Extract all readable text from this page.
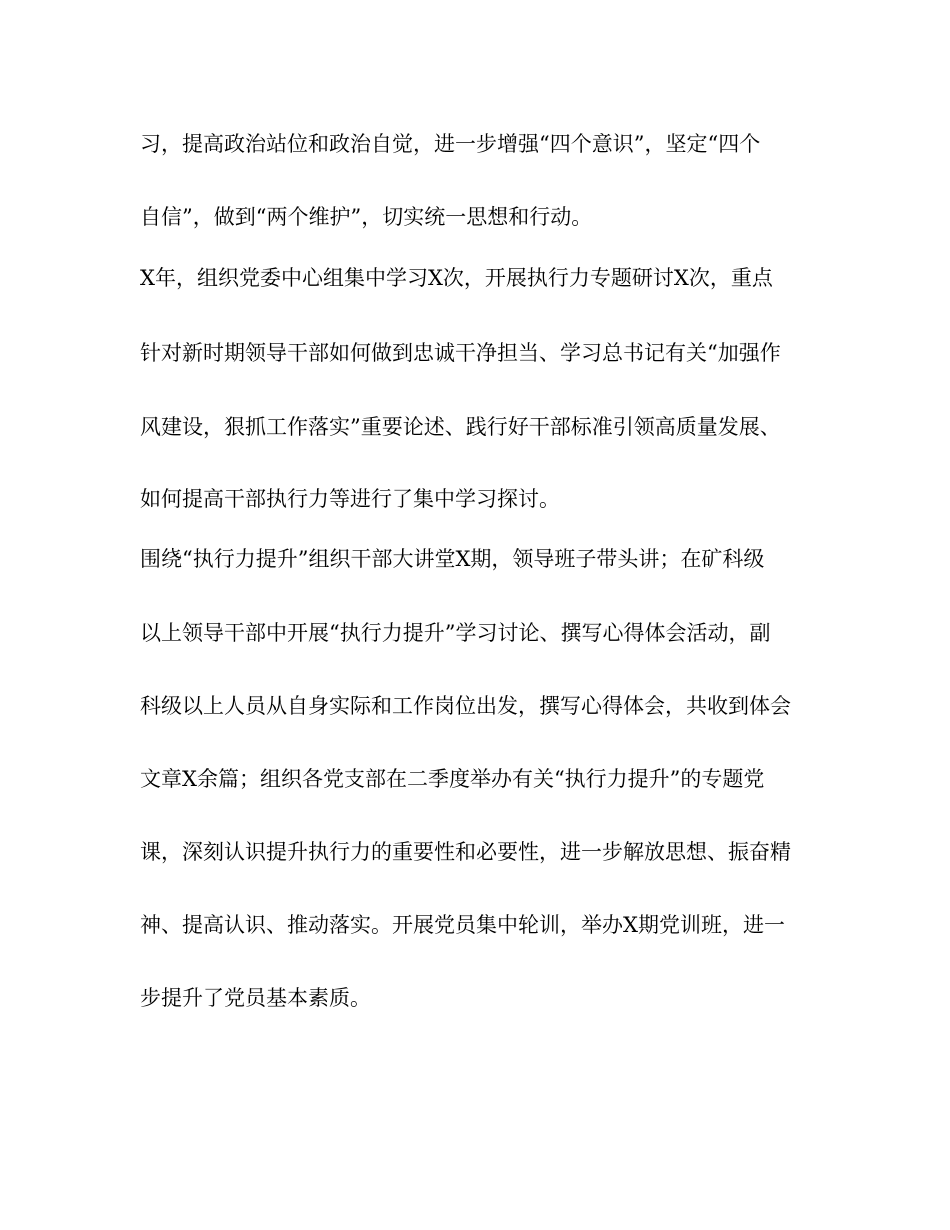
习，提高政治站位和政治自觉，进一步增强“四个意识”，坚定“四个
自信”，做到“两个维护”，切实统一思想和行动。
X年，组织党委中心组集中学习X次，开展执行力专题研讨X次，重点
针对新时期领导干部如何做到忠诚干净担当、学习总书记有关“加强作
风建设，狠抓工作落实”重要论述、践行好干部标准引领高质量发展、
如何提高干部执行力等进行了集中学习探讨。
围绕“执行力提升”组织干部大讲堂X期，领导班子带头讲；在矿科级
以上领导干部中开展“执行力提升”学习讨论、撰写心得体会活动，副
科级以上人员从自身实际和工作岗位出发，撰写心得体会，共收到体会
文章X余篇；组织各党支部在二季度举办有关“执行力提升”的专题党
课，深刻认识提升执行力的重要性和必要性，进一步解放思想、振奋精
神、提高认识、推动落实。开展党员集中轮训，举办X期党训班，进一
步提升了党员基本素质。
